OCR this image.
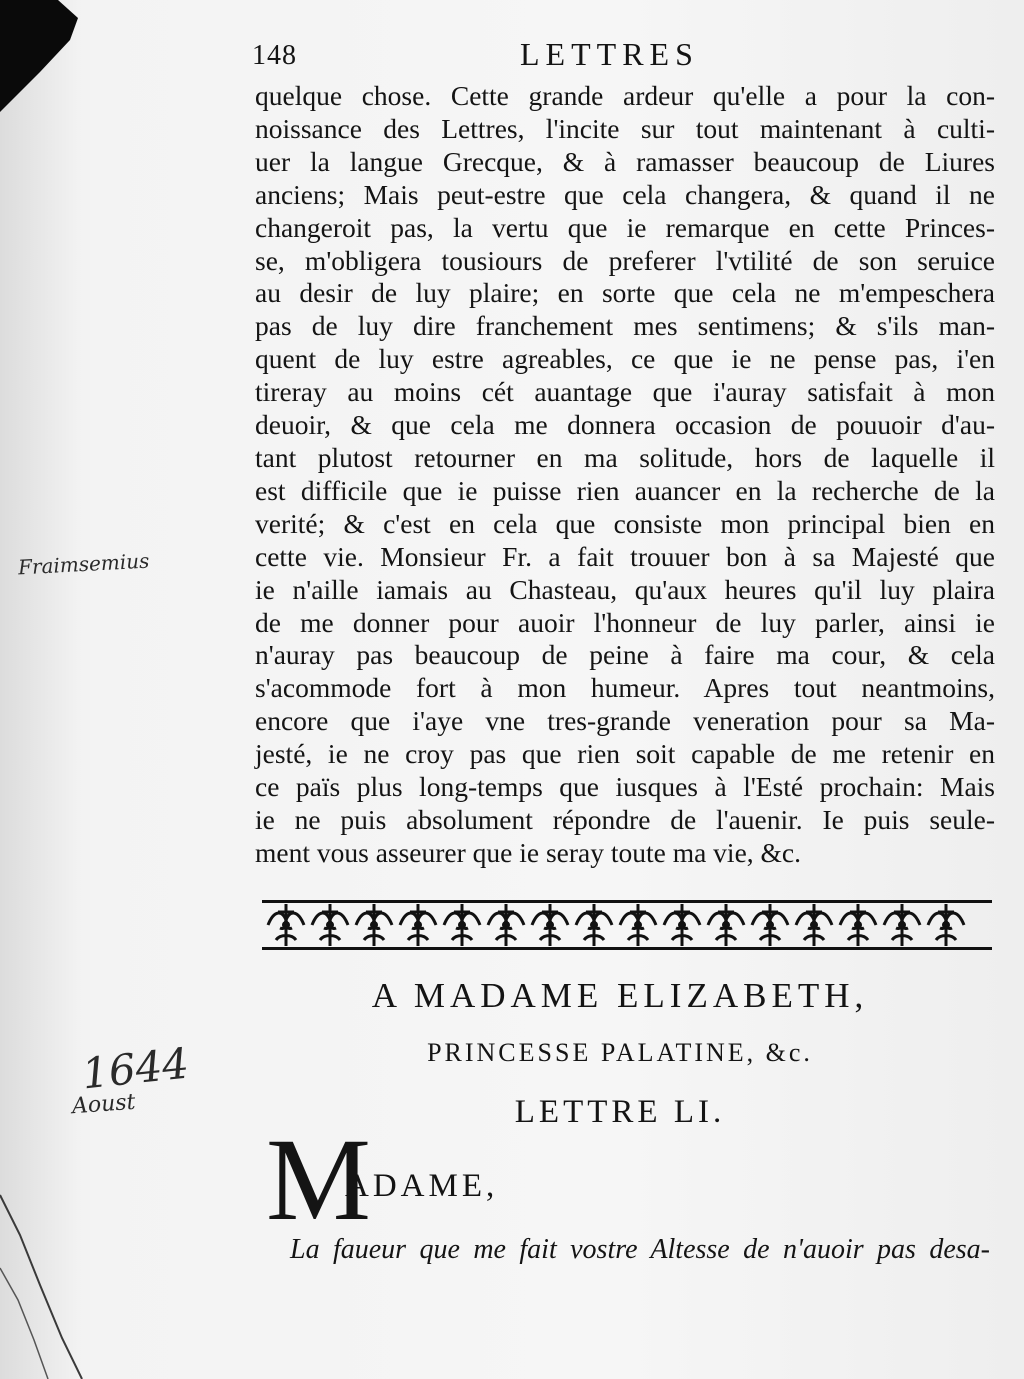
148	LETTRES
quelque chose. Cette grande ardeur qu'elle a pour la con-
noissance des Lettres, l'incite sur tout maintenant à culti-
uer la langue Grecque, & à ramasser beaucoup de Liures
anciens; Mais peut-estre que cela changera, & quand il ne
changeroit pas, la vertu que ie remarque en cette Princes-
se, m'obligera tousiours de preferer l'vtilité de son seruice
au desir de luy plaire; en sorte que cela ne m'empeschera
pas de luy dire franchement mes sentimens; & s'ils man-
quent de luy estre agreables, ce que ie ne pense pas, i'en
tireray au moins cét auantage que i'auray satisfait à mon
deuoir, & que cela me donnera occasion de pouuoir d'au-
tant plutost retourner en ma solitude, hors de laquelle il
est difficile que ie puisse rien auancer en la recherche de la
verité; & c'est en cela que consiste mon principal bien en
cette vie. Monsieur Fr. a fait trouuer bon à sa Majesté que
ie n'aille iamais au Chasteau, qu'aux heures qu'il luy plaira
de me donner pour auoir l'honneur de luy parler, ainsi ie
n'auray pas beaucoup de peine à faire ma cour, & cela
s'acommode fort à mon humeur. Apres tout neantmoins,
encore que i'aye vne tres-grande veneration pour sa Ma-
jesté, ie ne croy pas que rien soit capable de me retenir en
ce païs plus long-temps que iusques à l'Esté prochain: Mais
ie ne puis absolument répondre de l'auenir. Ie puis seule-
ment vous asseurer que ie seray toute ma vie, &c.
A MADAME ELIZABETH,
PRINCESSE PALATINE, &c.
LETTRE LI.
M
ADAME,
La faueur que me fait vostre Altesse de n'auoir pas desa-
Fraimsemius
1644
Aoust
